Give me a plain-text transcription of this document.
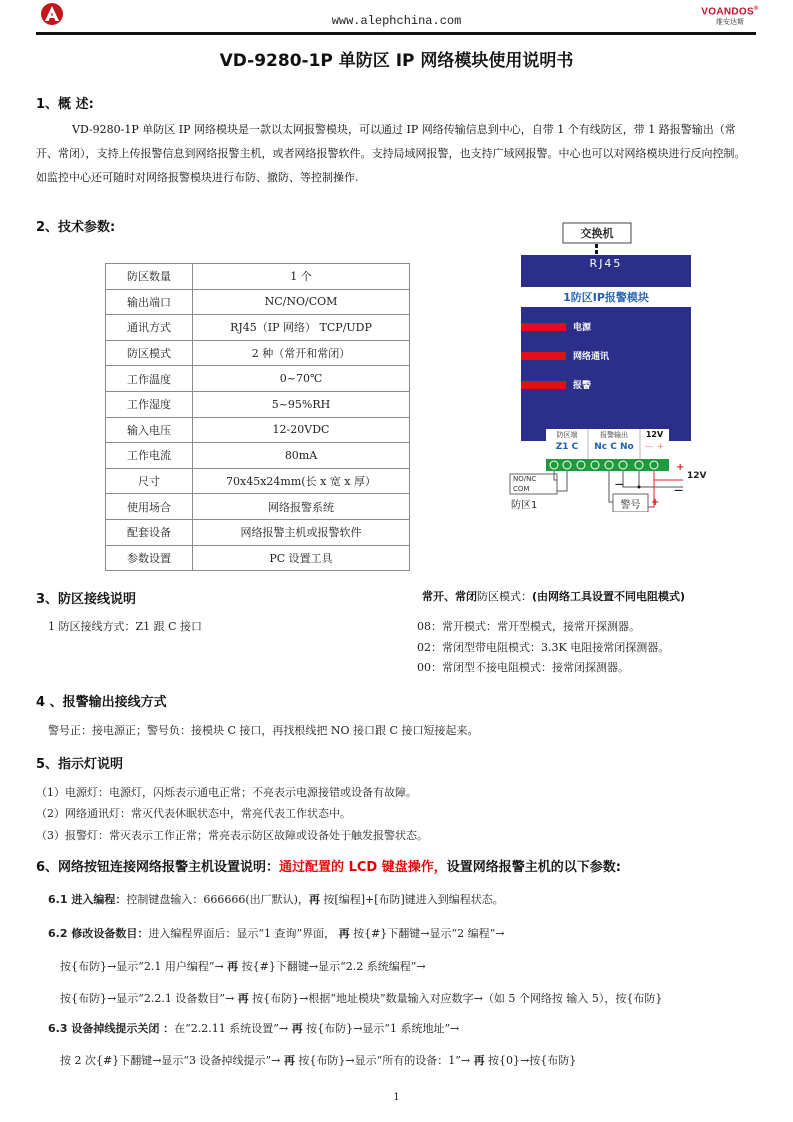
www.alephchina.com
VOANDOS®
维安达斯
VD-9280-1P 单防区 IP 网络模块使用说明书
1、概 述:
VD-9280-1P 单防区 IP 网络模块是一款以太网报警模块，可以通过 IP 网络传输信息到中心，自带 1 个有线防区，带 1 路报警输出（常开、常闭），支持上传报警信息到网络报警主机，或者网络报警软件。支持局域网报警，也支持广域网报警。中心也可以对网络模块进行反向控制。如监控中心还可随时对网络报警模块进行布防、撤防、等控制操作.
2、技术参数:
防区数量	1 个
输出端口	NC/NO/COM
通讯方式	RJ45（IP 网络） TCP/UDP
防区模式	2 种（常开和常闭）
工作温度	0~70℃
工作湿度	5~95%RH
输入电压	12-20VDC
工作电流	80mA
尺寸	70x45x24mm(长 x 宽 x 厚）
使用场合	网络报警系统
配套设备	网络报警主机或报警软件
参数设置	PC 设置工具
交换机
RJ45
1防区IP报警模块
电源
网络通讯
报警
防区端
Z1 C
报警输出
Nc C No
12V
— +
NO/NC
COM
防区1	警号
12V
+
—
—
+
3、防区接线说明
1 防区接线方式：Z1 跟 C 接口
常开、常闭防区模式：(由网络工具设置不同电阻模式)
08：常开模式：常开型模式，接常开探测器。
02：常闭型带电阻模式：3.3K 电阻接常闭探测器。
00：常闭型不接电阻模式：接常闭探测器。
4 、报警输出接线方式
警号正：接电源正；警号负：接模块 C 接口，再找根线把 NO 接口跟 C 接口短接起来。
5、指示灯说明
（1）电源灯：电源灯，闪烁表示通电正常；不亮表示电源接错或设备有故障。
（2）网络通讯灯：常灭代表休眠状态中，常亮代表工作状态中。
（3）报警灯：常灭表示工作正常；常亮表示防区故障或设备处于触发报警状态。
6、网络按钮连接网络报警主机设置说明：通过配置的 LCD 键盘操作，设置网络报警主机的以下参数:
6.1 进入编程：控制键盘输入：666666(出厂默认)，再 按[编程]+[布防]键进入到编程状态。
6.2 修改设备数目：进入编程界面后：显示“1 查询”界面， 再 按{#}下翻键→显示“2 编程”→
按{布防}→显示“2.1 用户编程”→ 再 按{#}下翻键→显示“2.2 系统编程”→
按{布防}→显示“2.2.1 设备数目”→ 再 按{布防}→根据“地址模块”数量输入对应数字→（如 5 个网络按 输入 5），按{布防}
6.3 设备掉线提示关闭 ：在“2.2.11 系统设置”→ 再 按{布防}→显示“1 系统地址”→
按 2 次{#}下翻键→显示“3 设备掉线提示”→ 再 按{布防}→显示“所有的设备：1”→ 再 按{0}→按{布防}
1
